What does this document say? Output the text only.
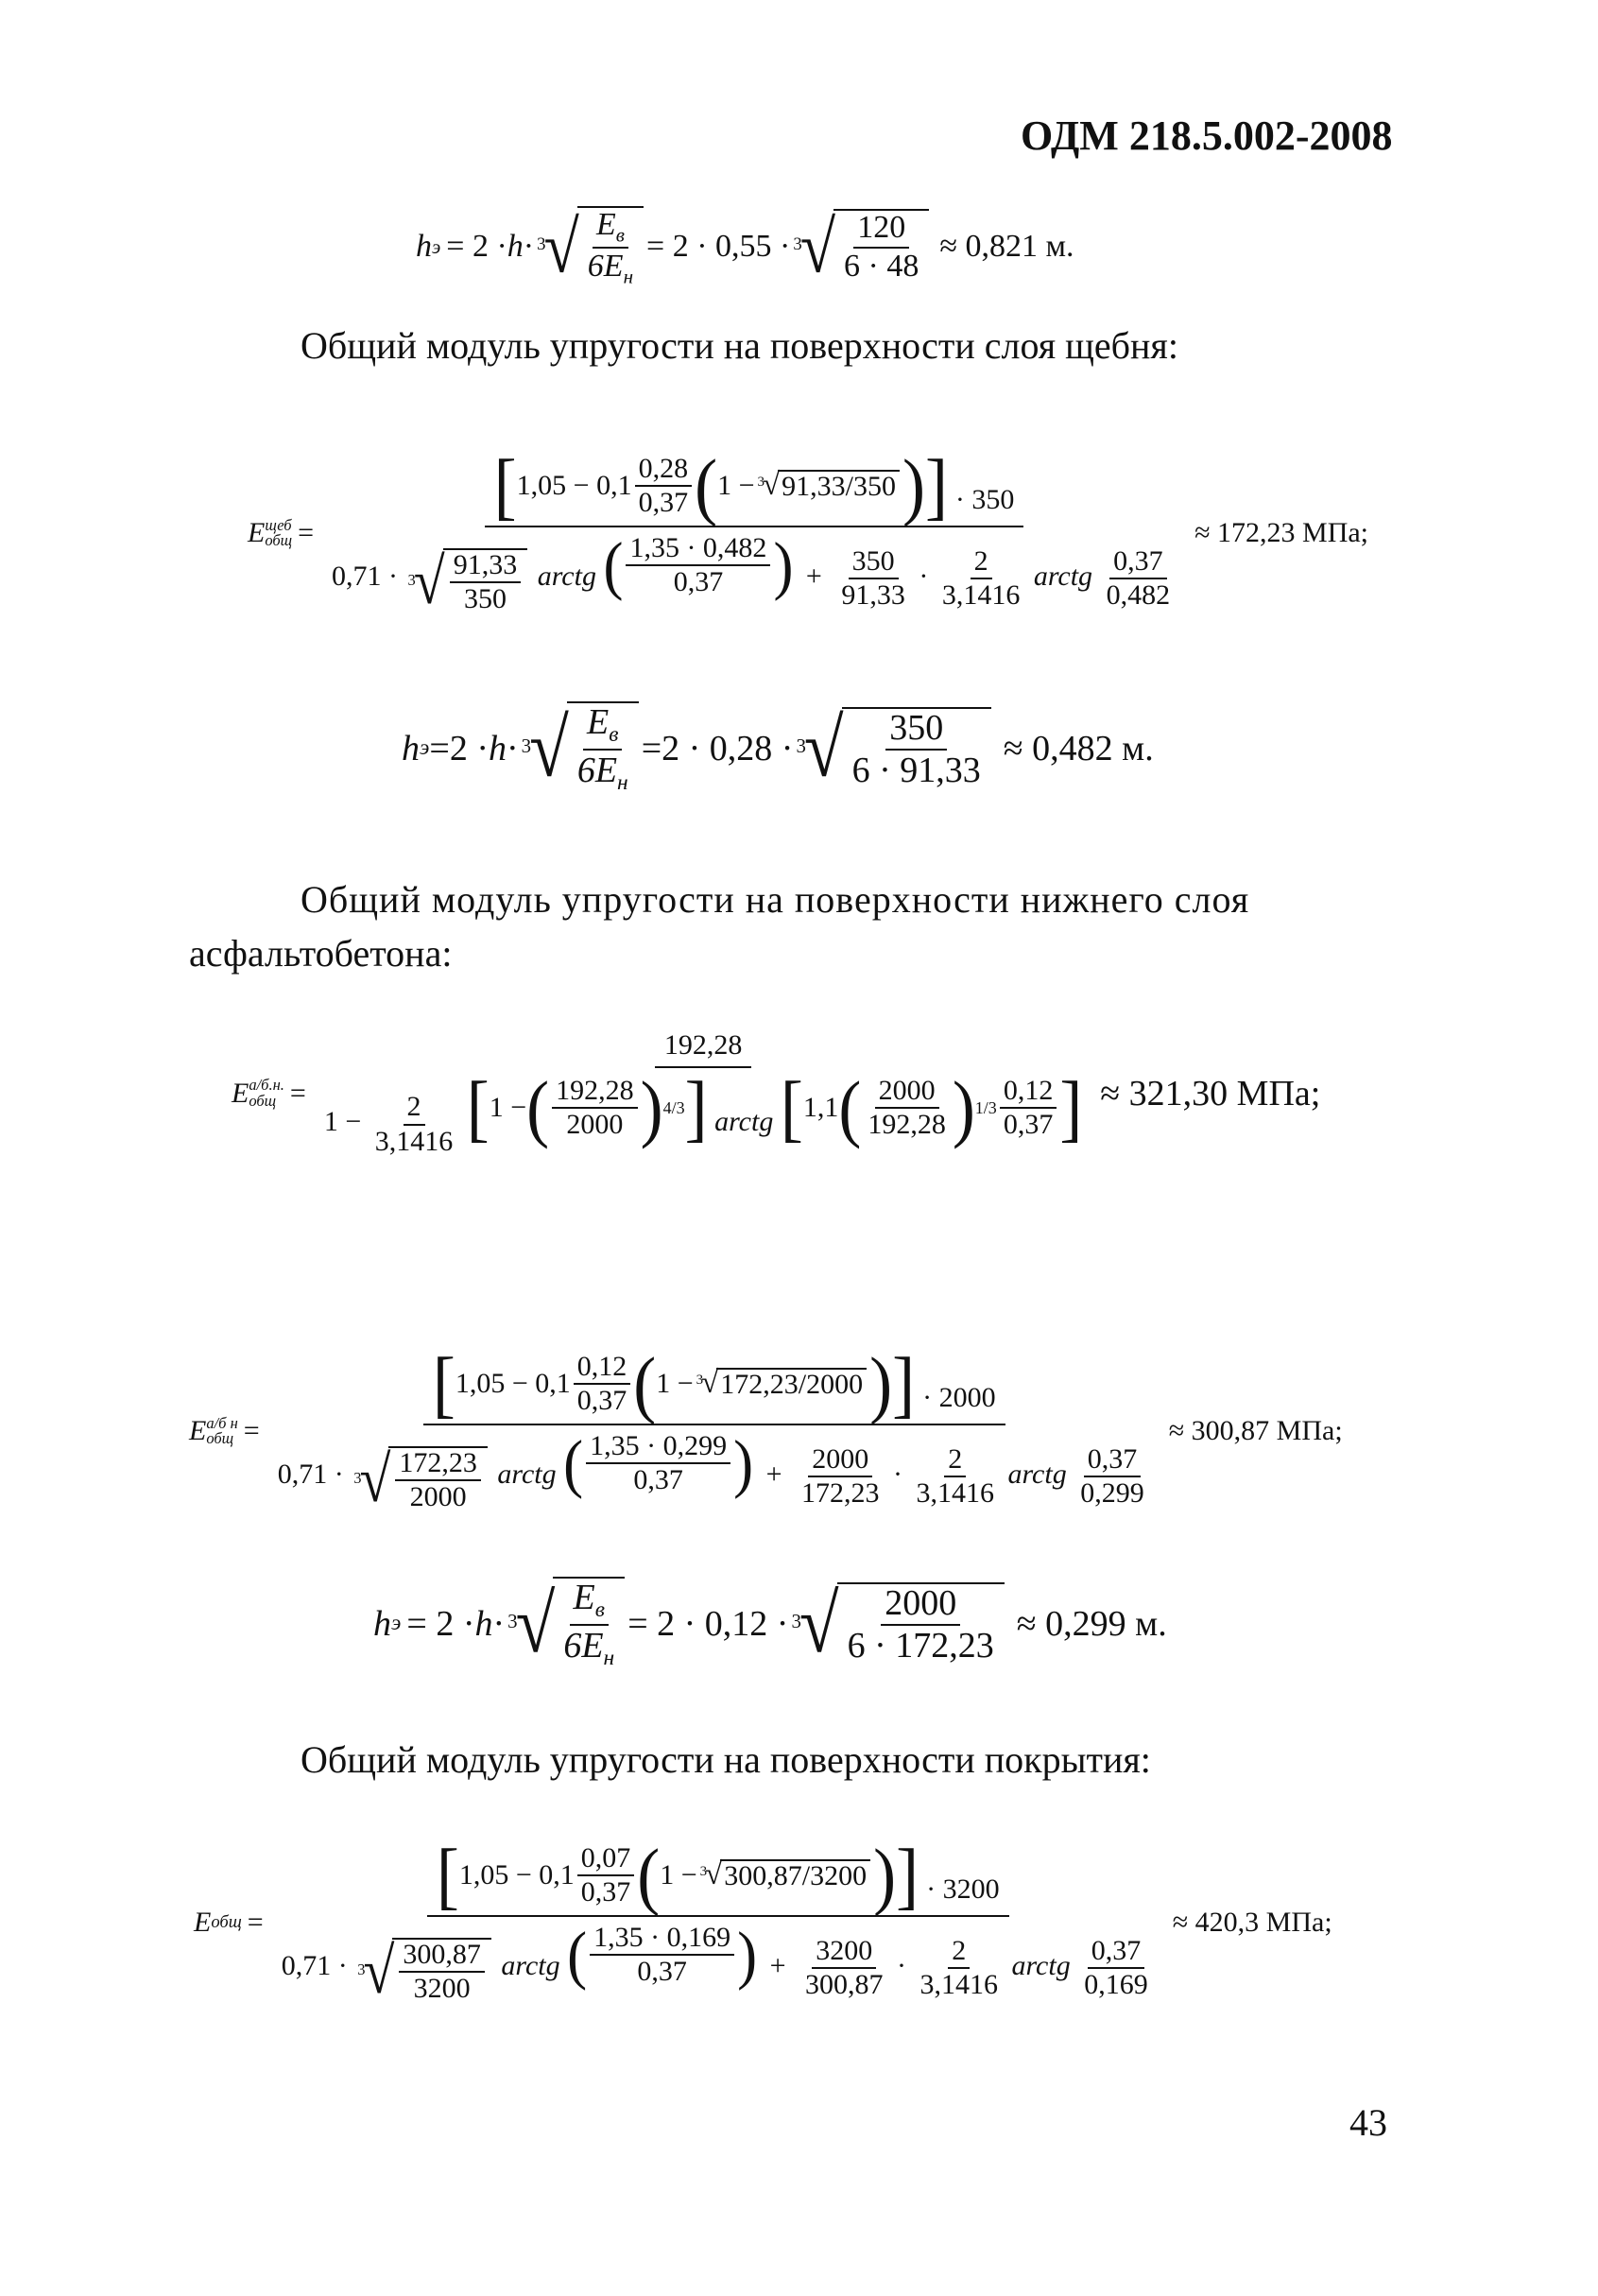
ОДМ 218.5.002-2008
h э = 2 · h · 3
√ $\frac{E_в}{6E_н} = 2 \cdot 0,55 \cdot 3$
√ $\frac{120}{6 \cdot 48} \approx 0,821$ м.
Общий модуль упругости на поверхности слоя щебня:
E щеб
общ =
[ $1,05 - 0,1 \frac{0,28}{0,37}$ ( 1 − 3
√ 91,33/350 ) ] · 350
0,71 · 3
√ $\frac{91,33}{350}$ arctg ( $\frac{1,35 \cdot 0,482}{0,37}$ ) + $\frac{350}{91,33} \cdot \frac{2}{3,1416}$ arctg $\frac{0,37}{0,482}$
≈ 172,23 МПа;
h э =2 · h · 3
√ $\frac{E_в}{6E_н} =2 \cdot 0,28 \cdot 3$
√ $\frac{350}{6 \cdot 91,33} \approx 0,482$ м.
Общий модуль упругости на поверхности нижнего слоя
асфальтобетона:
E а/б.н.
общ =
192,28
$1 - \frac{2}{3,1416}$
[ 1 − ( $\frac{192,28}{2000}$ ) 4/3 ] arctg [ 1,1 ( $\frac{2000}{192,28}$ ) $1/3 \frac{0,12}{0,37}$ ] ≈ 321,30 МПа;
E а/б н
общ =
[ $1,05 - 0,1 \frac{0,12}{0,37}$ ( 1 − 3
√ 172,23/2000 ) ] · 2000
0,71 · 3
√ $\frac{172,23}{2000}$ arctg ( $\frac{1,35 \cdot 0,299}{0,37}$ ) + $\frac{2000}{172,23} \cdot \frac{2}{3,1416}$ arctg $\frac{0,37}{0,299}$
≈ 300,87 МПа;
h э = 2 · h · 3
√ $\frac{E_в}{6E_н} = 2 \cdot 0,12 \cdot 3$
√ $\frac{2000}{6 \cdot 172,23} \approx 0,299$ м.
Общий модуль упругости на поверхности покрытия:
E общ =
[ $1,05 - 0,1 \frac{0,07}{0,37}$ ( 1 − 3
√ 300,87/3200 ) ] · 3200
0,71 · 3
√ $\frac{300,87}{3200}$ arctg ( $\frac{1,35 \cdot 0,169}{0,37}$ ) + $\frac{3200}{300,87} \cdot \frac{2}{3,1416}$ arctg $\frac{0,37}{0,169}$
≈ 420,3 МПа;
43
